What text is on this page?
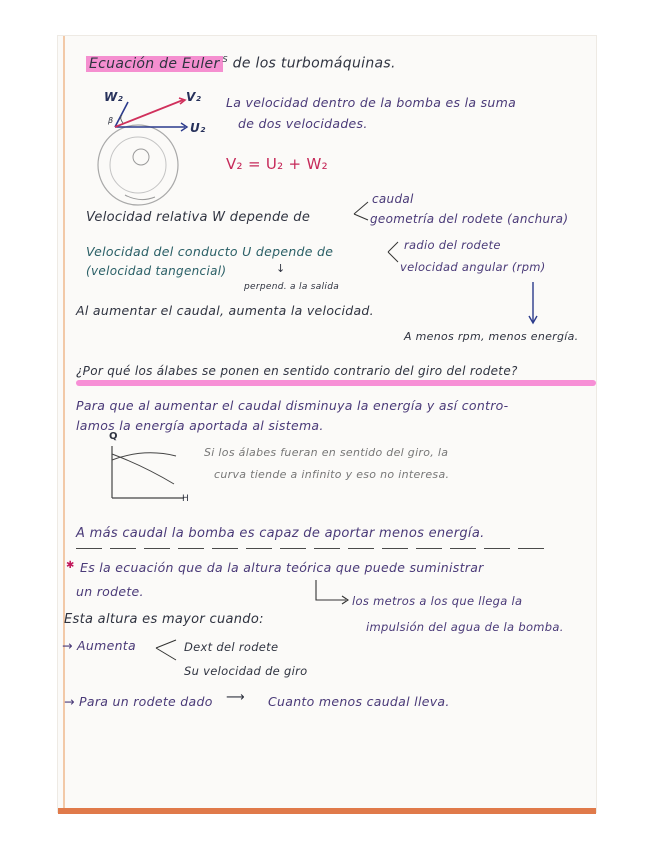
Ecuación de Euler $^S$ de los turbomáquinas.
W₂	V₂
U₂
β
La velocidad dentro de la bomba es la suma
de dos velocidades.
V₂ = U₂ + W₂
Velocidad relativa W depende de
caudal
geometría del rodete (anchura)
Velocidad del conducto U depende de
(velocidad tangencial)	↓
perpend. a la salida
radio del rodete
velocidad angular (rpm)
Al aumentar el caudal, aumenta la velocidad.
A menos rpm, menos energía.
¿Por qué los álabes se ponen en sentido contrario del giro del rodete?
Para que al aumentar el caudal disminuya la energía y así contro-
lamos la energía aportada al sistema.
Q
H
Si los álabes fueran en sentido del giro, la
curva tiende a infinito y eso no interesa.
A más caudal la bomba es capaz de aportar menos energía.
✱ Es la ecuación que da la altura teórica que puede suministrar
un rodete.
los metros a los que llega la
impulsión del agua de la bomba.
Esta altura es mayor cuando:
→ Aumenta	Dext del rodete
Su velocidad de giro
→ Para un rodete dado ⟶ Cuanto menos caudal lleva.
